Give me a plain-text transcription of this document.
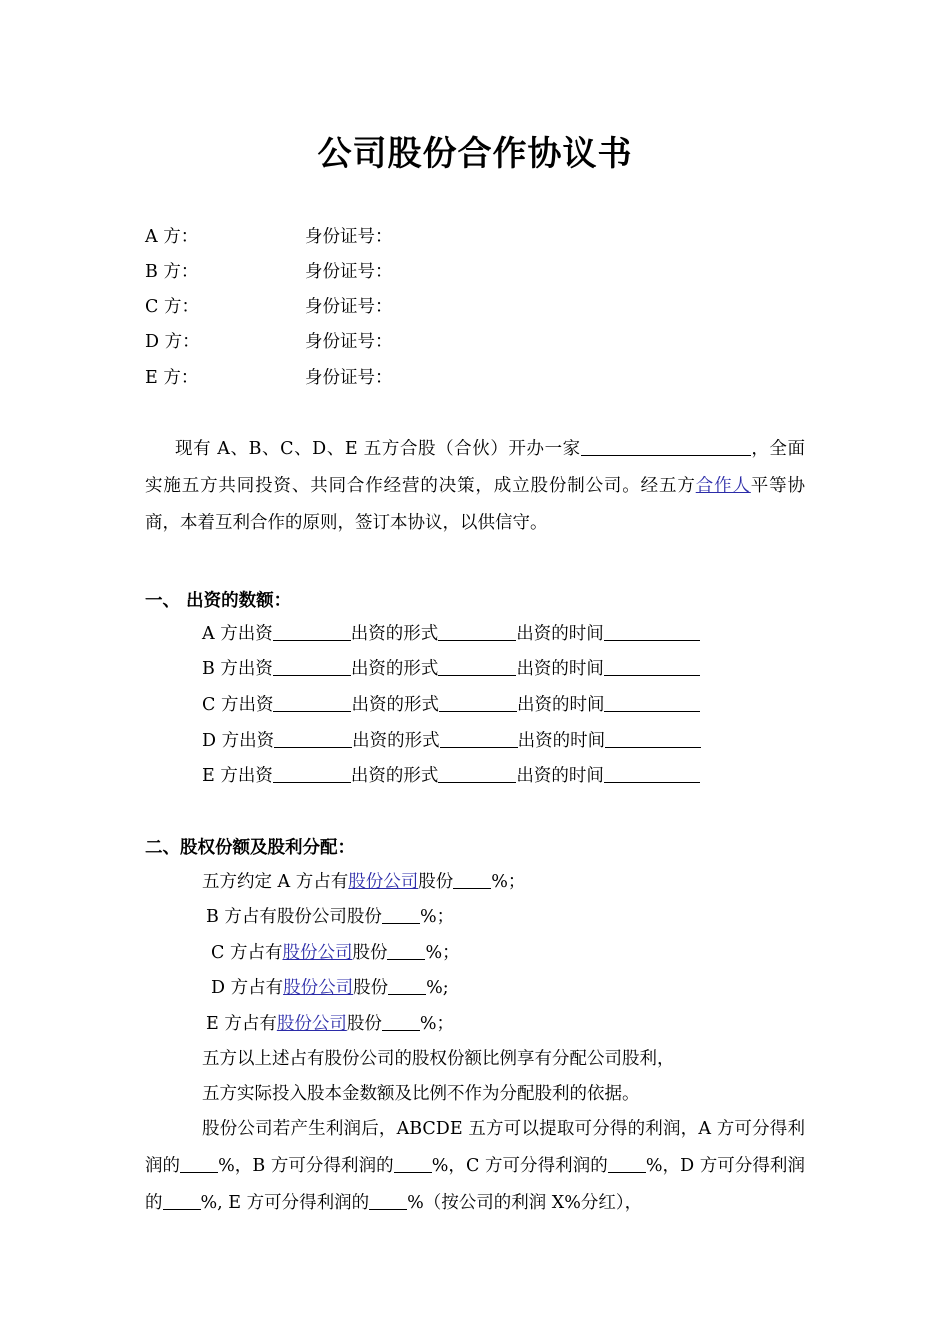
公司股份合作协议书
A 方：	身份证号：
B 方：	身份证号：
C 方：	身份证号：
D 方：	身份证号：
E 方：	身份证号：
现有 A、B、C、D、E 五方合股（合伙）开办一家	，全面实施五方共同投资、共同合作经营的决策，成立股份制公司。经五方合作人平等协商，本着互利合作的原则，签订本协议，以供信守。
一、 出资的数额：
A 方出资	出资的形式	出资的时间
B 方出资	出资的形式	出资的时间
C 方出资	出资的形式	出资的时间
D 方出资	出资的形式	出资的时间
E 方出资	出资的形式	出资的时间
二、股权份额及股利分配：
五方约定 A 方占有股份公司股份 %；
B 方占有股份公司股份 %；
C 方占有股份公司股份 %；
D 方占有股份公司股份 %;
E 方占有股份公司股份 %；
五方以上述占有股份公司的股权份额比例享有分配公司股利，
五方实际投入股本金数额及比例不作为分配股利的依据。
股份公司若产生利润后，ABCDE 五方可以提取可分得的利润，A 方可分得利润的 %，B 方可分得利润的 %，C 方可分得利润的 %，D 方可分得利润的 %, E 方可分得利润的 %（按公司的利润 X%分红），
